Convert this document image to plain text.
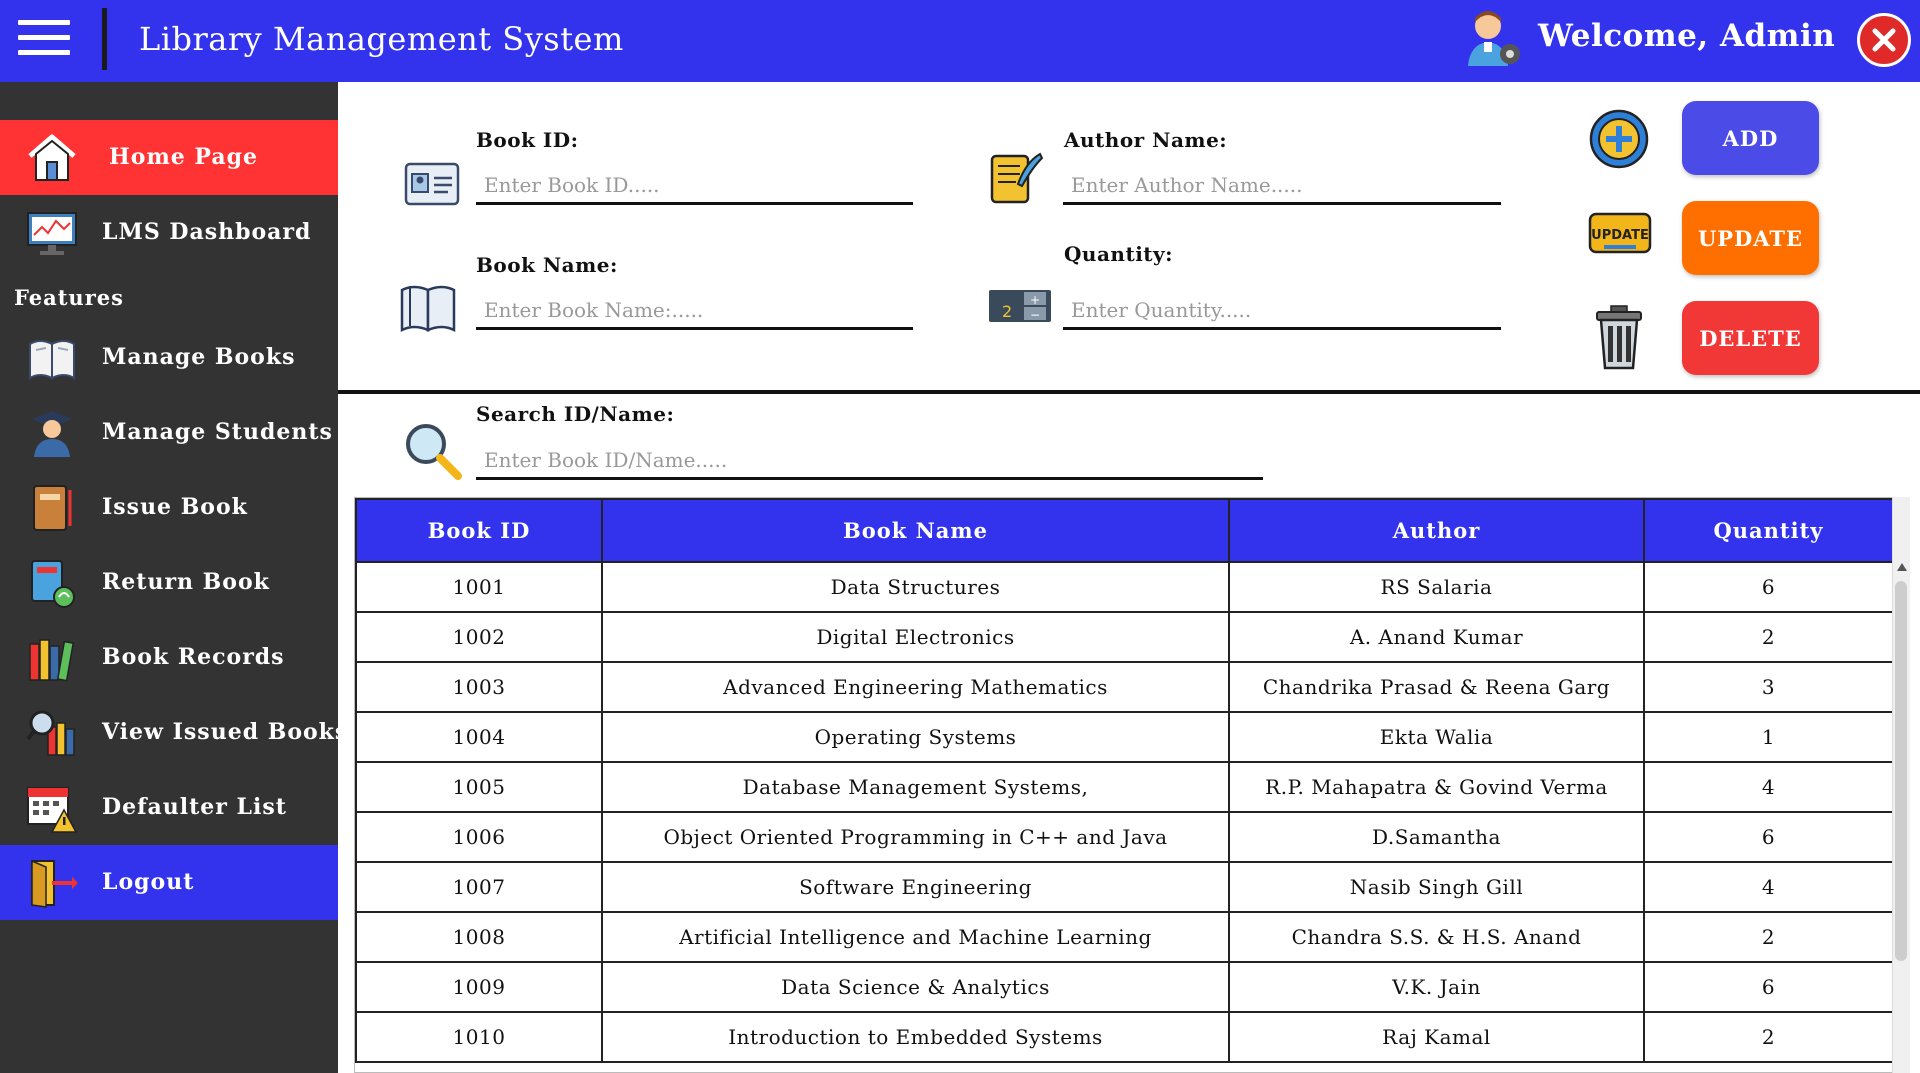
Library Management System	Welcome, Admin
Home Page
LMS Dashboard
Features
Manage Books
Manage Students
Issue Book
Return Book
Book Records
View Issued Books
Defaulter List
Logout
Book ID:
Enter Book ID.....
Book Name:
Enter Book Name:.....
Author Name:
Enter Author Name.....
2
+
−
Quantity:
Enter Quantity.....
ADD
UPDATE	UPDATE
DELETE
Search ID/Name:
Enter Book ID/Name.....
Book ID	Book Name	Author	Quantity
1001	Data Structures	RS Salaria	6
1002	Digital Electronics	A. Anand Kumar	2
1003	Advanced Engineering Mathematics	Chandrika Prasad & Reena Garg	3
1004	Operating Systems	Ekta Walia	1
1005	Database Management Systems,	R.P. Mahapatra & Govind Verma	4
1006	Object Oriented Programming in C++ and Java	D.Samantha	6
1007	Software Engineering	Nasib Singh Gill	4
1008	Artificial Intelligence and Machine Learning	Chandra S.S. & H.S. Anand	2
1009	Data Science & Analytics	V.K. Jain	6
1010	Introduction to Embedded Systems	Raj Kamal	2
